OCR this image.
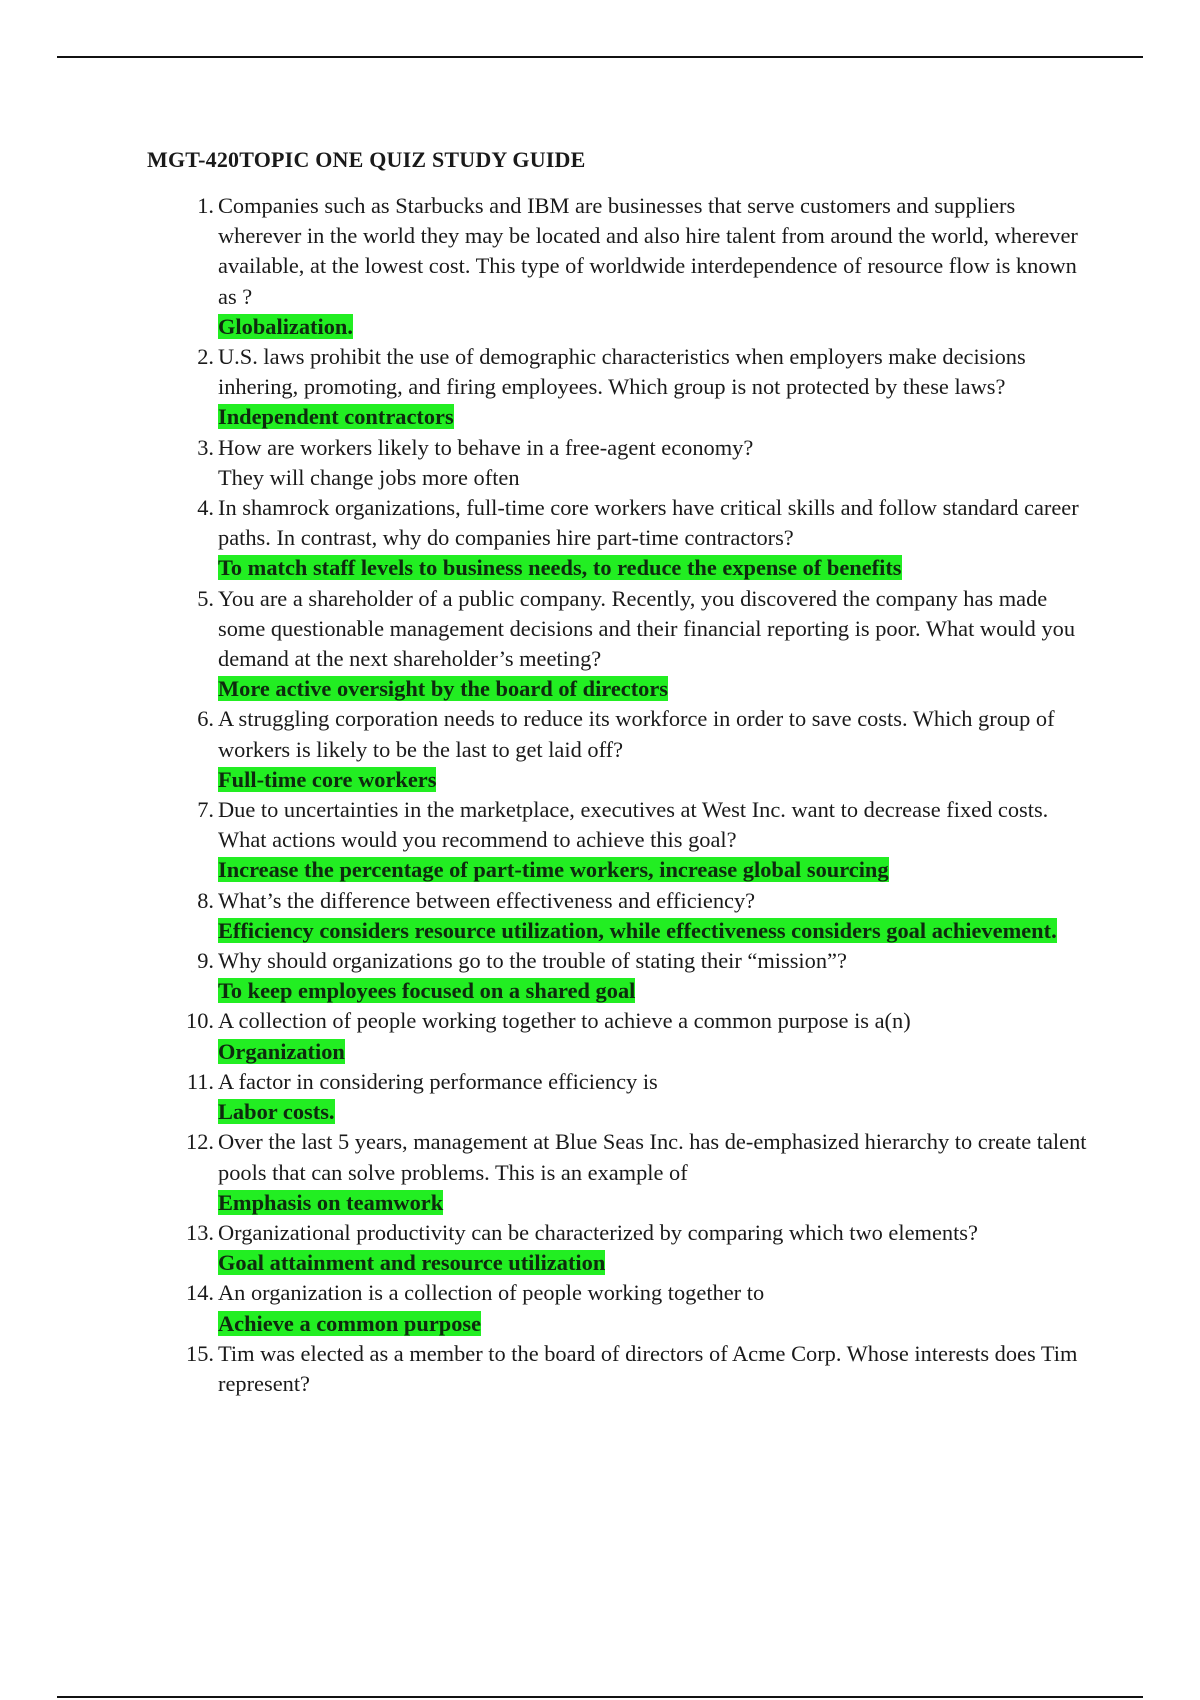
MGT-420TOPIC ONE QUIZ STUDY GUIDE
1. Companies such as Starbucks and IBM are businesses that serve customers and suppliers wherever in the world they may be located and also hire talent from around the world, wherever available, at the lowest cost. This type of worldwide interdependence of resource flow is known as ?
Globalization.
2. U.S. laws prohibit the use of demographic characteristics when employers make decisions inhering, promoting, and firing employees. Which group is not protected by these laws?
Independent contractors
3. How are workers likely to behave in a free-agent economy?
They will change jobs more often
4. In shamrock organizations, full-time core workers have critical skills and follow standard career paths. In contrast, why do companies hire part-time contractors?
To match staff levels to business needs, to reduce the expense of benefits
5. You are a shareholder of a public company. Recently, you discovered the company has made some questionable management decisions and their financial reporting is poor. What would you demand at the next shareholder’s meeting?
More active oversight by the board of directors
6. A struggling corporation needs to reduce its workforce in order to save costs. Which group of workers is likely to be the last to get laid off?
Full-time core workers
7. Due to uncertainties in the marketplace, executives at West Inc. want to decrease fixed costs. What actions would you recommend to achieve this goal?
Increase the percentage of part-time workers, increase global sourcing
8. What’s the difference between effectiveness and efficiency?
Efficiency considers resource utilization, while effectiveness considers goal achievement.
9. Why should organizations go to the trouble of stating their “mission”?
To keep employees focused on a shared goal
10. A collection of people working together to achieve a common purpose is a(n)
Organization
11. A factor in considering performance efficiency is
Labor costs.
12. Over the last 5 years, management at Blue Seas Inc. has de-emphasized hierarchy to create talent pools that can solve problems. This is an example of
Emphasis on teamwork
13. Organizational productivity can be characterized by comparing which two elements?
Goal attainment and resource utilization
14. An organization is a collection of people working together to
Achieve a common purpose
15. Tim was elected as a member to the board of directors of Acme Corp. Whose interests does Tim represent?
